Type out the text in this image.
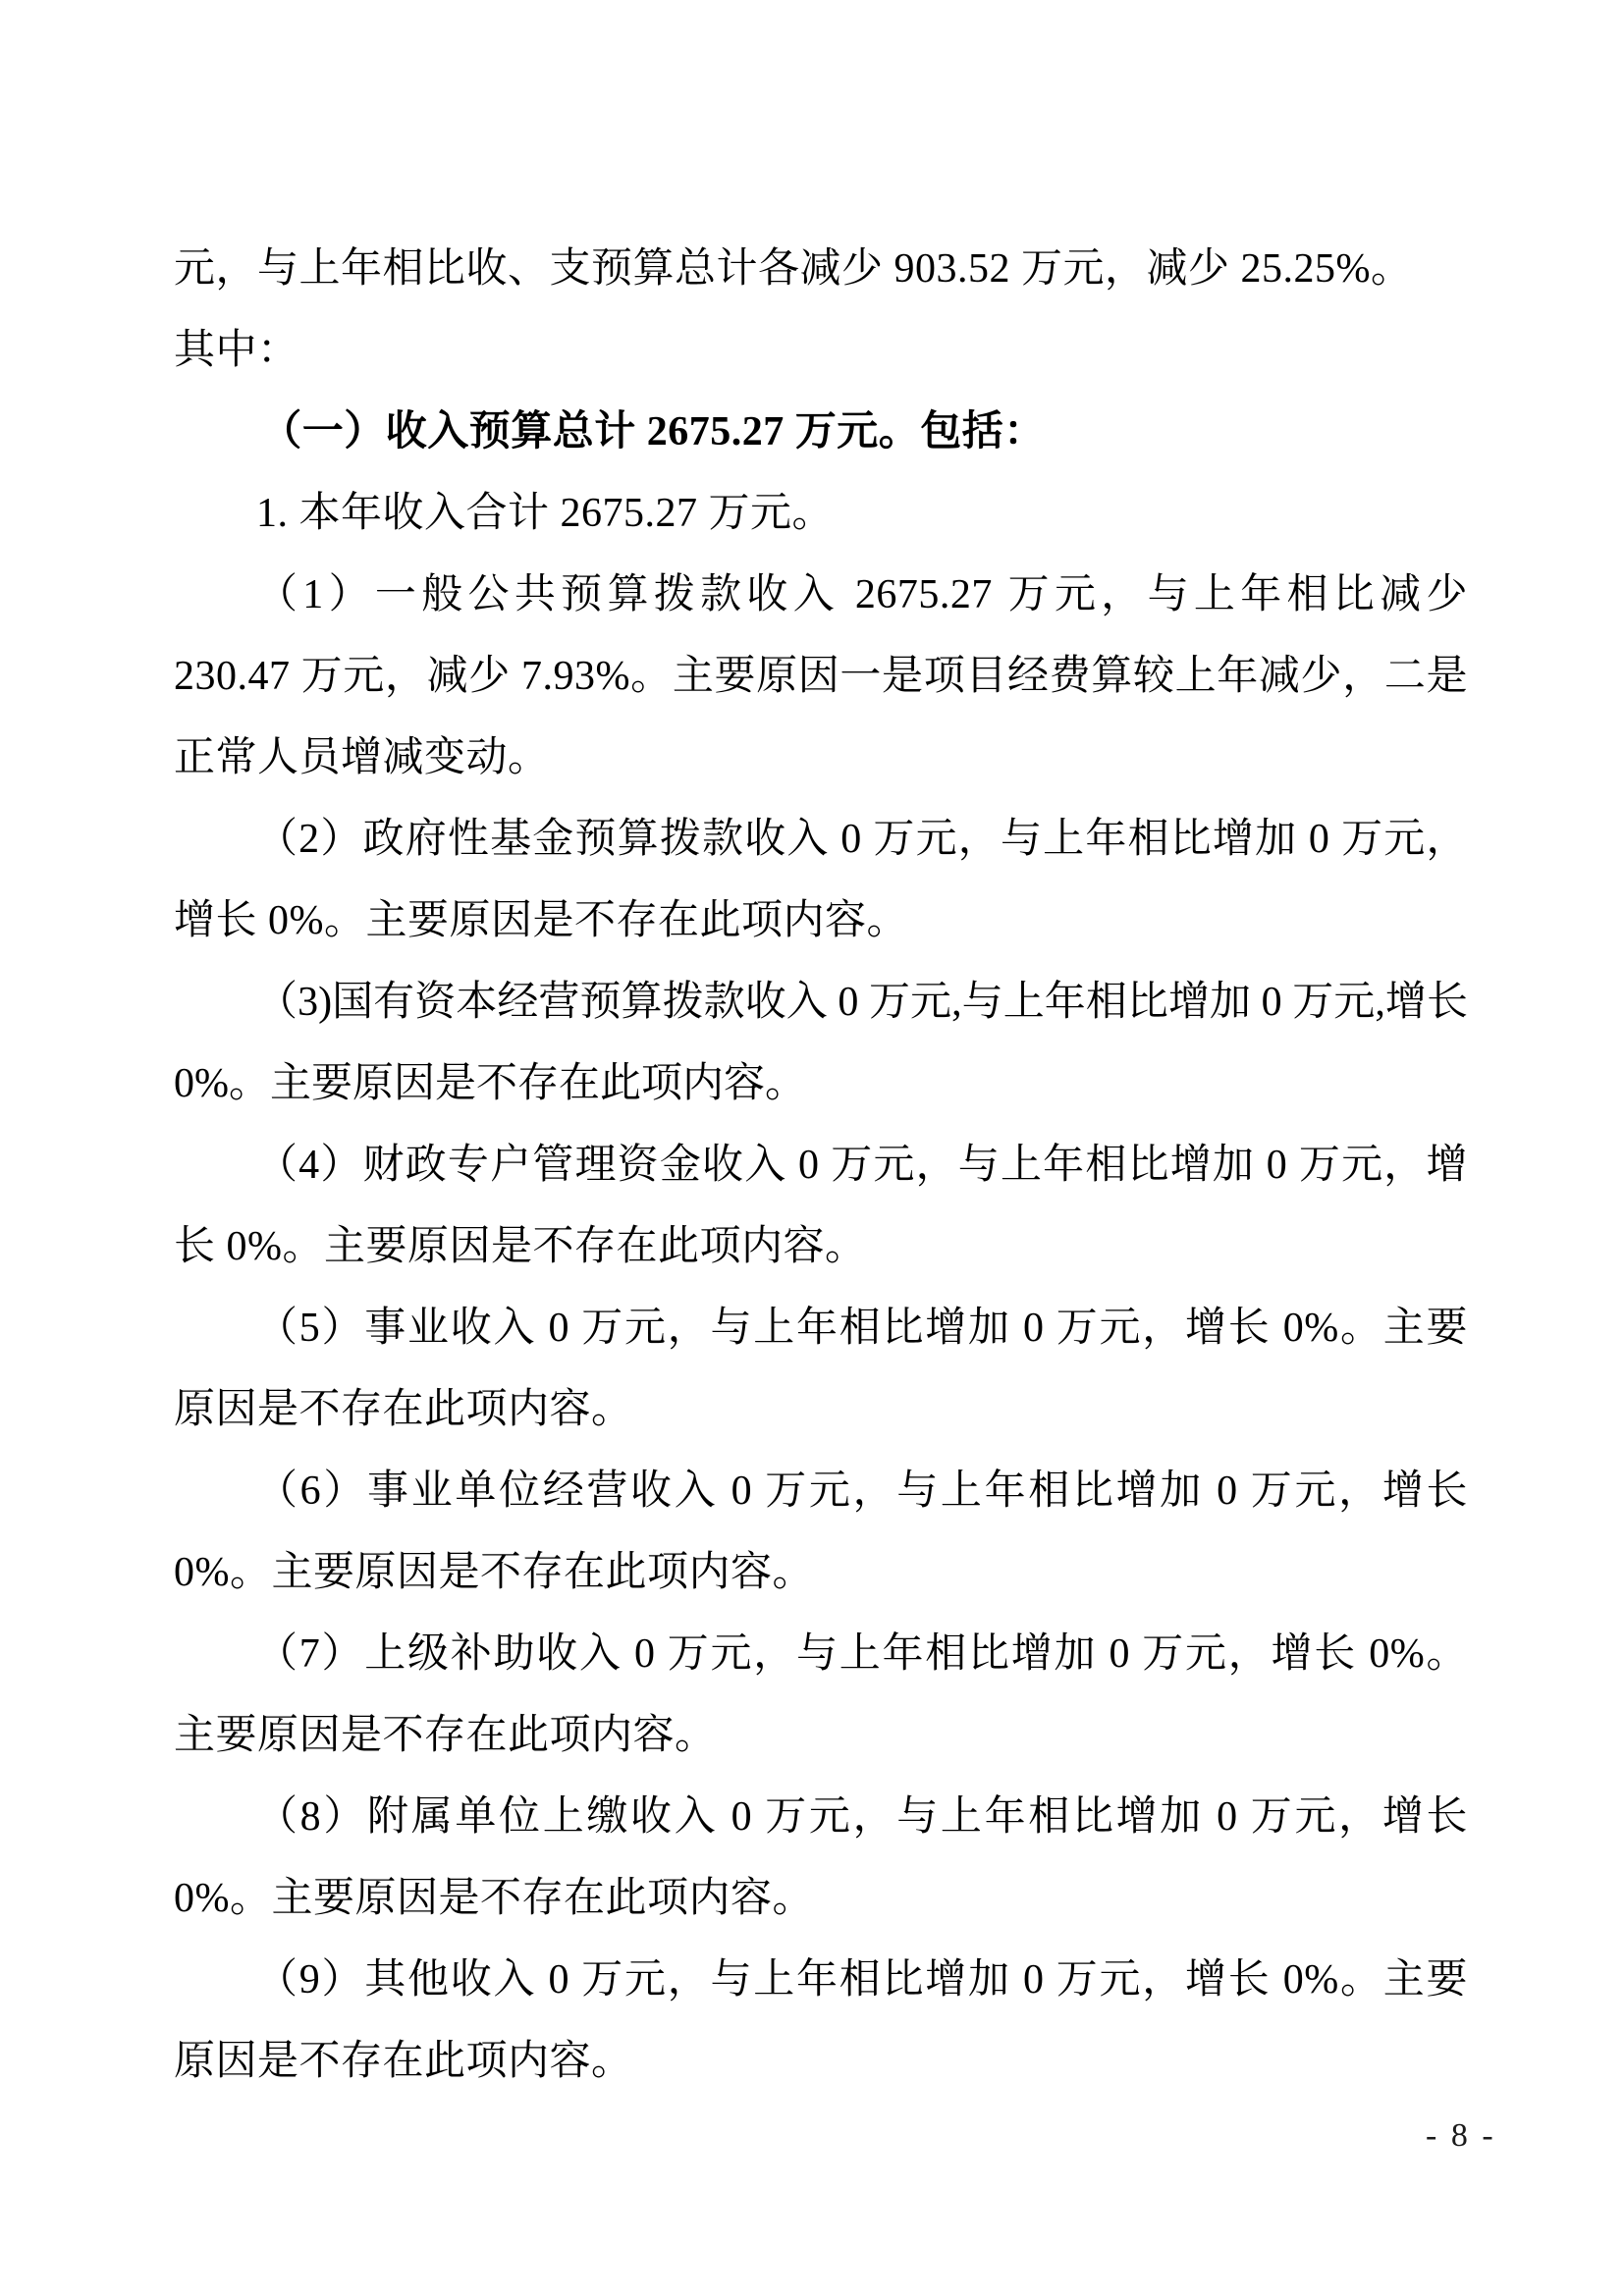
元，与上年相比收、支预算总计各减少 903.52 万元，减少 25.25%。

其中：

（一）收入预算总计 2675.27 万元。包括：

1. 本年收入合计 2675.27 万元。

（1）一般公共预算拨款收入 2675.27 万元，与上年相比减少 230.47 万元，减少 7.93%。主要原因一是项目经费算较上年减少，二是正常人员增减变动。

（2）政府性基金预算拨款收入 0 万元，与上年相比增加 0 万元，增长 0%。主要原因是不存在此项内容。

（3)国有资本经营预算拨款收入 0 万元,与上年相比增加 0 万元,增长 0%。主要原因是不存在此项内容。

（4）财政专户管理资金收入 0 万元，与上年相比增加 0 万元，增长 0%。主要原因是不存在此项内容。

（5）事业收入 0 万元，与上年相比增加 0 万元，增长 0%。主要原因是不存在此项内容。

（6）事业单位经营收入 0 万元，与上年相比增加 0 万元，增长 0%。主要原因是不存在此项内容。

（7）上级补助收入 0 万元，与上年相比增加 0 万元，增长 0%。主要原因是不存在此项内容。

（8）附属单位上缴收入 0 万元，与上年相比增加 0 万元，增长 0%。主要原因是不存在此项内容。

（9）其他收入 0 万元，与上年相比增加 0 万元，增长 0%。主要原因是不存在此项内容。

- 8 -
